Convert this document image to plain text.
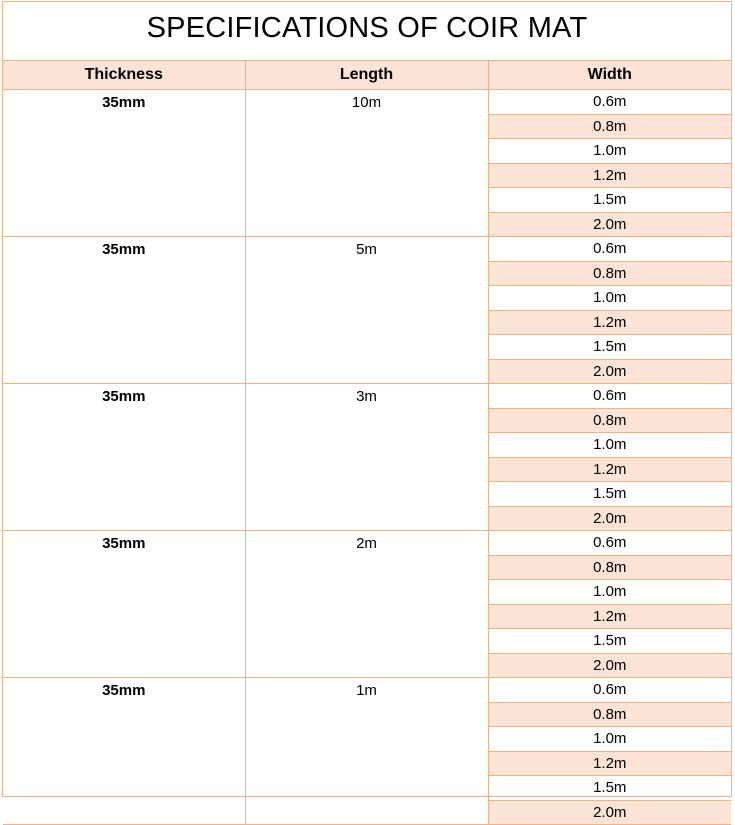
SPECIFICATIONS OF COIR MAT
Thickness	Length	Width
35mm	10m	0.6m
		0.8m
		1.0m
		1.2m
		1.5m
		2.0m
35mm	5m	0.6m
		0.8m
		1.0m
		1.2m
		1.5m
		2.0m
35mm	3m	0.6m
		0.8m
		1.0m
		1.2m
		1.5m
		2.0m
35mm	2m	0.6m
		0.8m
		1.0m
		1.2m
		1.5m
		2.0m
35mm	1m	0.6m
		0.8m
		1.0m
		1.2m
		1.5m
		2.0m
